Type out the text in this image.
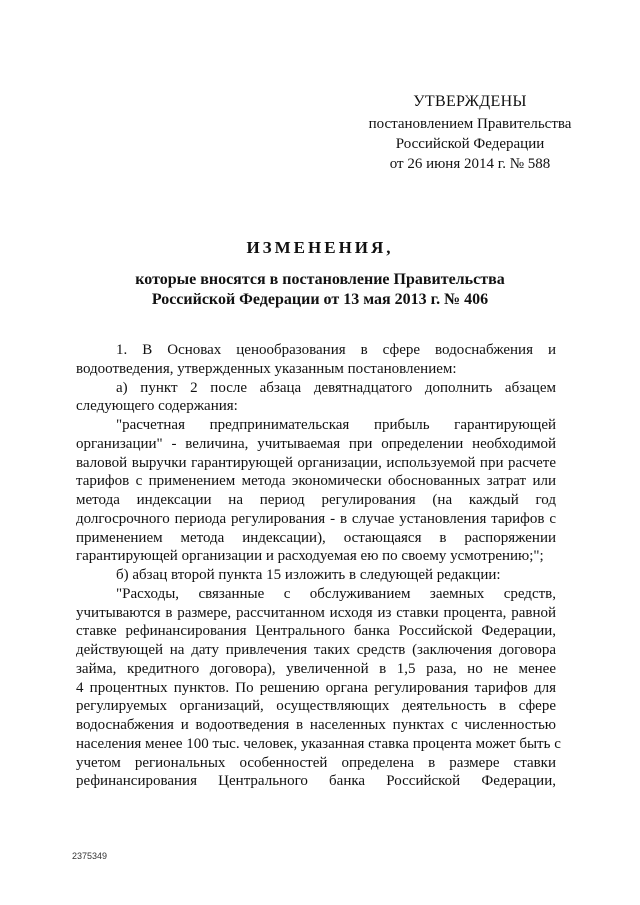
УТВЕРЖДЕНЫ
постановлением Правительства
Российской Федерации
от 26 июня 2014 г. № 588
ИЗМЕНЕНИЯ,
которые вносятся в постановление Правительства
Российской Федерации от 13 мая 2013 г. № 406
1. В Основах ценообразования в сфере водоснабжения и
водоотведения, утвержденных указанным постановлением:
а) пункт 2 после абзаца девятнадцатого дополнить абзацем
следующего содержания:
"расчетная предпринимательская прибыль гарантирующей
организации" - величина, учитываемая при определении необходимой
валовой выручки гарантирующей организации, используемой при расчете
тарифов с применением метода экономически обоснованных затрат или
метода индексации на период регулирования (на каждый год
долгосрочного периода регулирования - в случае установления тарифов с
применением метода индексации), остающаяся в распоряжении
гарантирующей организации и расходуемая ею по своему усмотрению;";
б) абзац второй пункта 15 изложить в следующей редакции:
"Расходы, связанные с обслуживанием заемных средств,
учитываются в размере, рассчитанном исходя из ставки процента, равной
ставке рефинансирования Центрального банка Российской Федерации,
действующей на дату привлечения таких средств (заключения договора
займа, кредитного договора), увеличенной в 1,5 раза, но не менее
4 процентных пунктов. По решению органа регулирования тарифов для
регулируемых организаций, осуществляющих деятельность в сфере
водоснабжения и водоотведения в населенных пунктах с численностью
населения менее 100 тыс. человек, указанная ставка процента может быть с
учетом региональных особенностей определена в размере ставки
рефинансирования Центрального банка Российской Федерации,
2375349
